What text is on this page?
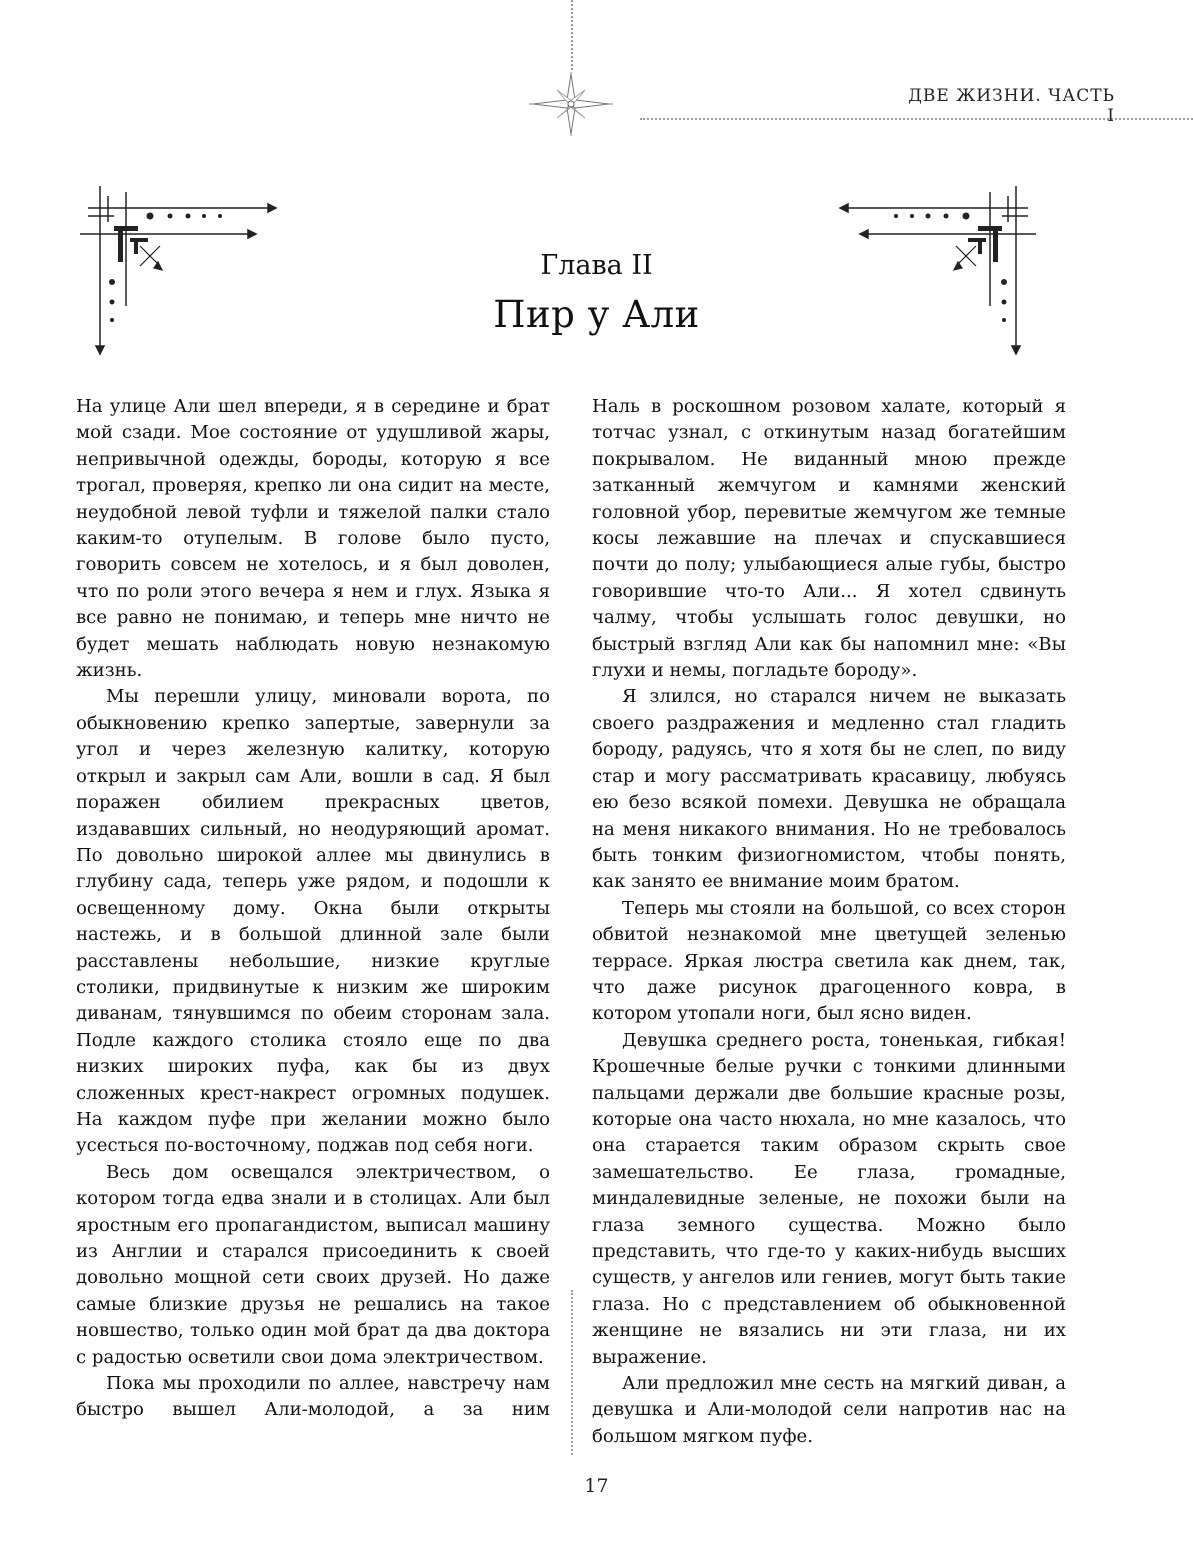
ДВЕ ЖИЗНИ. ЧАСТЬ I
Глава II
Пир у Али

На улице Али шел впереди, я в середине и брат мой сзади. Мое состояние от удушливой жары, непривычной одежды, бороды, которую я все трогал, проверяя, крепко ли она сидит на месте, неудобной левой туфли и тяжелой палки стало каким-то отупелым. В голове было пусто, говорить совсем не хотелось, и я был доволен, что по роли этого вечера я нем и глух. Языка я все равно не понимаю, и теперь мне ничто не будет мешать наблюдать новую незнакомую жизнь.

Мы перешли улицу, миновали ворота, по обыкновению крепко запертые, завернули за угол и через железную калитку, которую открыл и закрыл сам Али, вошли в сад. Я был поражен обилием прекрасных цветов, издававших сильный, но неодуряющий аромат. По довольно широкой аллее мы двинулись в глубину сада, теперь уже рядом, и подошли к освещенному дому. Окна были открыты настежь, и в большой длинной зале были расставлены небольшие, низкие круглые столики, придвинутые к низким же широким диванам, тянувшимся по обеим сторонам зала. Подле каждого столика стояло еще по два низких широких пуфа, как бы из двух сложенных крест-накрест огромных подушек. На каждом пуфе при желании можно было усесться по-восточному, поджав под себя ноги.

Весь дом освещался электричеством, о котором тогда едва знали и в столицах. Али был яростным его пропагандистом, выписал машину из Англии и старался присоединить к своей довольно мощной сети своих друзей. Но даже самые близкие друзья не решались на такое новшество, только один мой брат да два доктора с радостью осветили свои дома электричеством.

Пока мы проходили по аллее, навстречу нам быстро вышел Али-молодой, а за ним

Наль в роскошном розовом халате, который я тотчас узнал, с откинутым назад богатейшим покрывалом. Не виданный мною прежде затканный жемчугом и камнями женский головной убор, перевитые жемчугом же темные косы лежавшие на плечах и спускавшиеся почти до полу; улыбающиеся алые губы, быстро говорившие что-то Али... Я хотел сдвинуть чалму, чтобы услышать голос девушки, но быстрый взгляд Али как бы напомнил мне: «Вы глухи и немы, погладьте бороду».

Я злился, но старался ничем не выказать своего раздражения и медленно стал гладить бороду, радуясь, что я хотя бы не слеп, по виду стар и могу рассматривать красавицу, любуясь ею безо всякой помехи. Девушка не обращала на меня никакого внимания. Но не требовалось быть тонким физиогномистом, чтобы понять, как занято ее внимание моим братом.

Теперь мы стояли на большой, со всех сторон обвитой незнакомой мне цветущей зеленью террасе. Яркая люстра светила как днем, так, что даже рисунок драгоценного ковра, в котором утопали ноги, был ясно виден.

Девушка среднего роста, тоненькая, гибкая! Крошечные белые ручки с тонкими длинными пальцами держали две большие красные розы, которые она часто нюхала, но мне казалось, что она старается таким образом скрыть свое замешательство. Ее глаза, громадные, миндалевидные зеленые, не похожи были на глаза земного существа. Можно было представить, что где-то у каких-нибудь высших существ, у ангелов или гениев, могут быть такие глаза. Но с представлением об обыкновенной женщине не вязались ни эти глаза, ни их выражение.

Али предложил мне сесть на мягкий диван, а девушка и Али-молодой сели напротив нас на большом мягком пуфе.

17
